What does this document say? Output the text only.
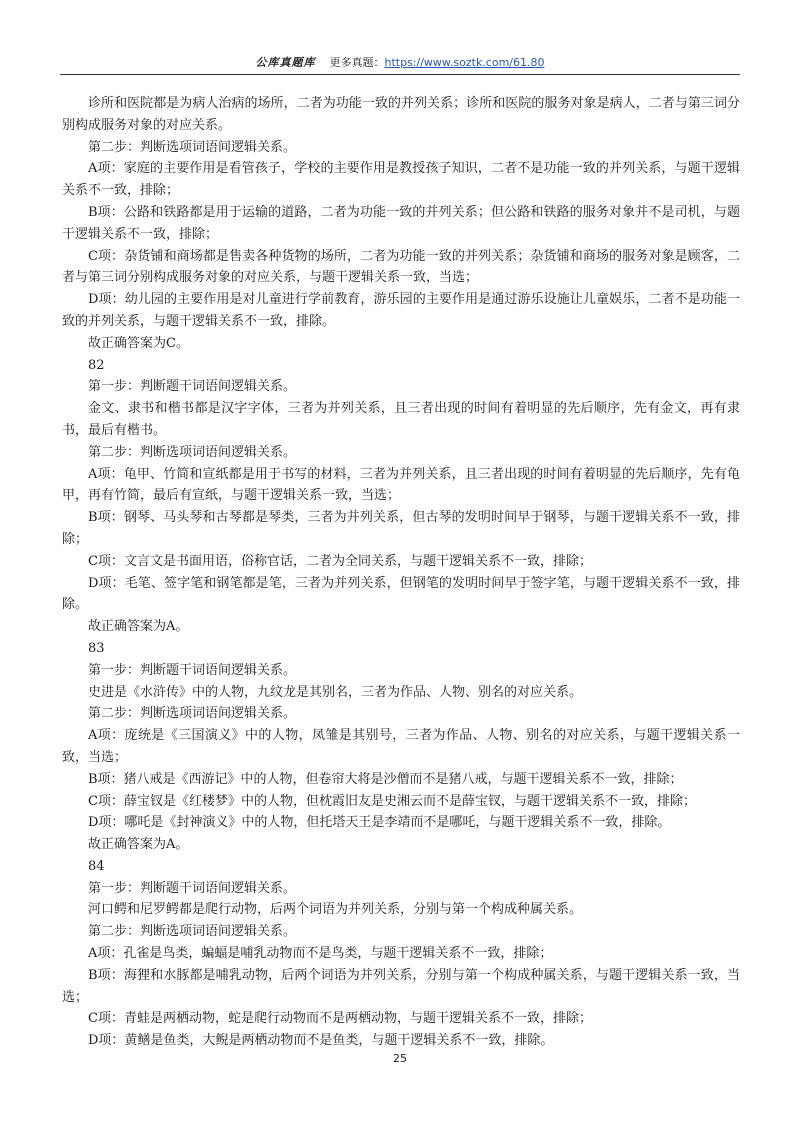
公库真题库 更多真题：https://www.soztk.com/61.80

诊所和医院都是为病人治病的场所，二者为功能一致的并列关系；诊所和医院的服务对象是病人，二者与第三词分别构成服务对象的对应关系。

第二步：判断选项词语间逻辑关系。

A项：家庭的主要作用是看管孩子，学校的主要作用是教授孩子知识，二者不是功能一致的并列关系，与题干逻辑关系不一致，排除；

B项：公路和铁路都是用于运输的道路，二者为功能一致的并列关系；但公路和铁路的服务对象并不是司机，与题干逻辑关系不一致，排除；

C项：杂货铺和商场都是售卖各种货物的场所，二者为功能一致的并列关系；杂货铺和商场的服务对象是顾客，二者与第三词分别构成服务对象的对应关系，与题干逻辑关系一致，当选；

D项：幼儿园的主要作用是对儿童进行学前教育，游乐园的主要作用是通过游乐设施让儿童娱乐，二者不是功能一致的并列关系，与题干逻辑关系不一致，排除。

故正确答案为C。

82

第一步：判断题干词语间逻辑关系。

金文、隶书和楷书都是汉字字体，三者为并列关系，且三者出现的时间有着明显的先后顺序，先有金文，再有隶书，最后有楷书。

第二步：判断选项词语间逻辑关系。

A项：龟甲、竹简和宣纸都是用于书写的材料，三者为并列关系，且三者出现的时间有着明显的先后顺序，先有龟甲，再有竹简，最后有宣纸，与题干逻辑关系一致，当选；

B项：钢琴、马头琴和古琴都是琴类，三者为并列关系，但古琴的发明时间早于钢琴，与题干逻辑关系不一致，排除；

C项：文言文是书面用语，俗称官话，二者为全同关系，与题干逻辑关系不一致，排除；

D项：毛笔、签字笔和钢笔都是笔，三者为并列关系，但钢笔的发明时间早于签字笔，与题干逻辑关系不一致，排除。

故正确答案为A。

83

第一步：判断题干词语间逻辑关系。

史进是《水浒传》中的人物，九纹龙是其别名，三者为作品、人物、别名的对应关系。

第二步：判断选项词语间逻辑关系。

A项：庞统是《三国演义》中的人物，凤雏是其别号，三者为作品、人物、别名的对应关系，与题干逻辑关系一致，当选；

B项：猪八戒是《西游记》中的人物，但卷帘大将是沙僧而不是猪八戒，与题干逻辑关系不一致，排除；

C项：薛宝钗是《红楼梦》中的人物，但枕霞旧友是史湘云而不是薛宝钗，与题干逻辑关系不一致，排除；

D项：哪吒是《封神演义》中的人物，但托塔天王是李靖而不是哪吒，与题干逻辑关系不一致，排除。

故正确答案为A。

84

第一步：判断题干词语间逻辑关系。

河口鳄和尼罗鳄都是爬行动物，后两个词语为并列关系，分别与第一个构成种属关系。

第二步：判断选项词语间逻辑关系。

A项：孔雀是鸟类，蝙蝠是哺乳动物而不是鸟类，与题干逻辑关系不一致，排除；

B项：海狸和水豚都是哺乳动物，后两个词语为并列关系，分别与第一个构成种属关系，与题干逻辑关系一致，当选；

C项：青蛙是两栖动物，蛇是爬行动物而不是两栖动物，与题干逻辑关系不一致，排除；

D项：黄鳝是鱼类，大鲵是两栖动物而不是鱼类，与题干逻辑关系不一致，排除。

25
